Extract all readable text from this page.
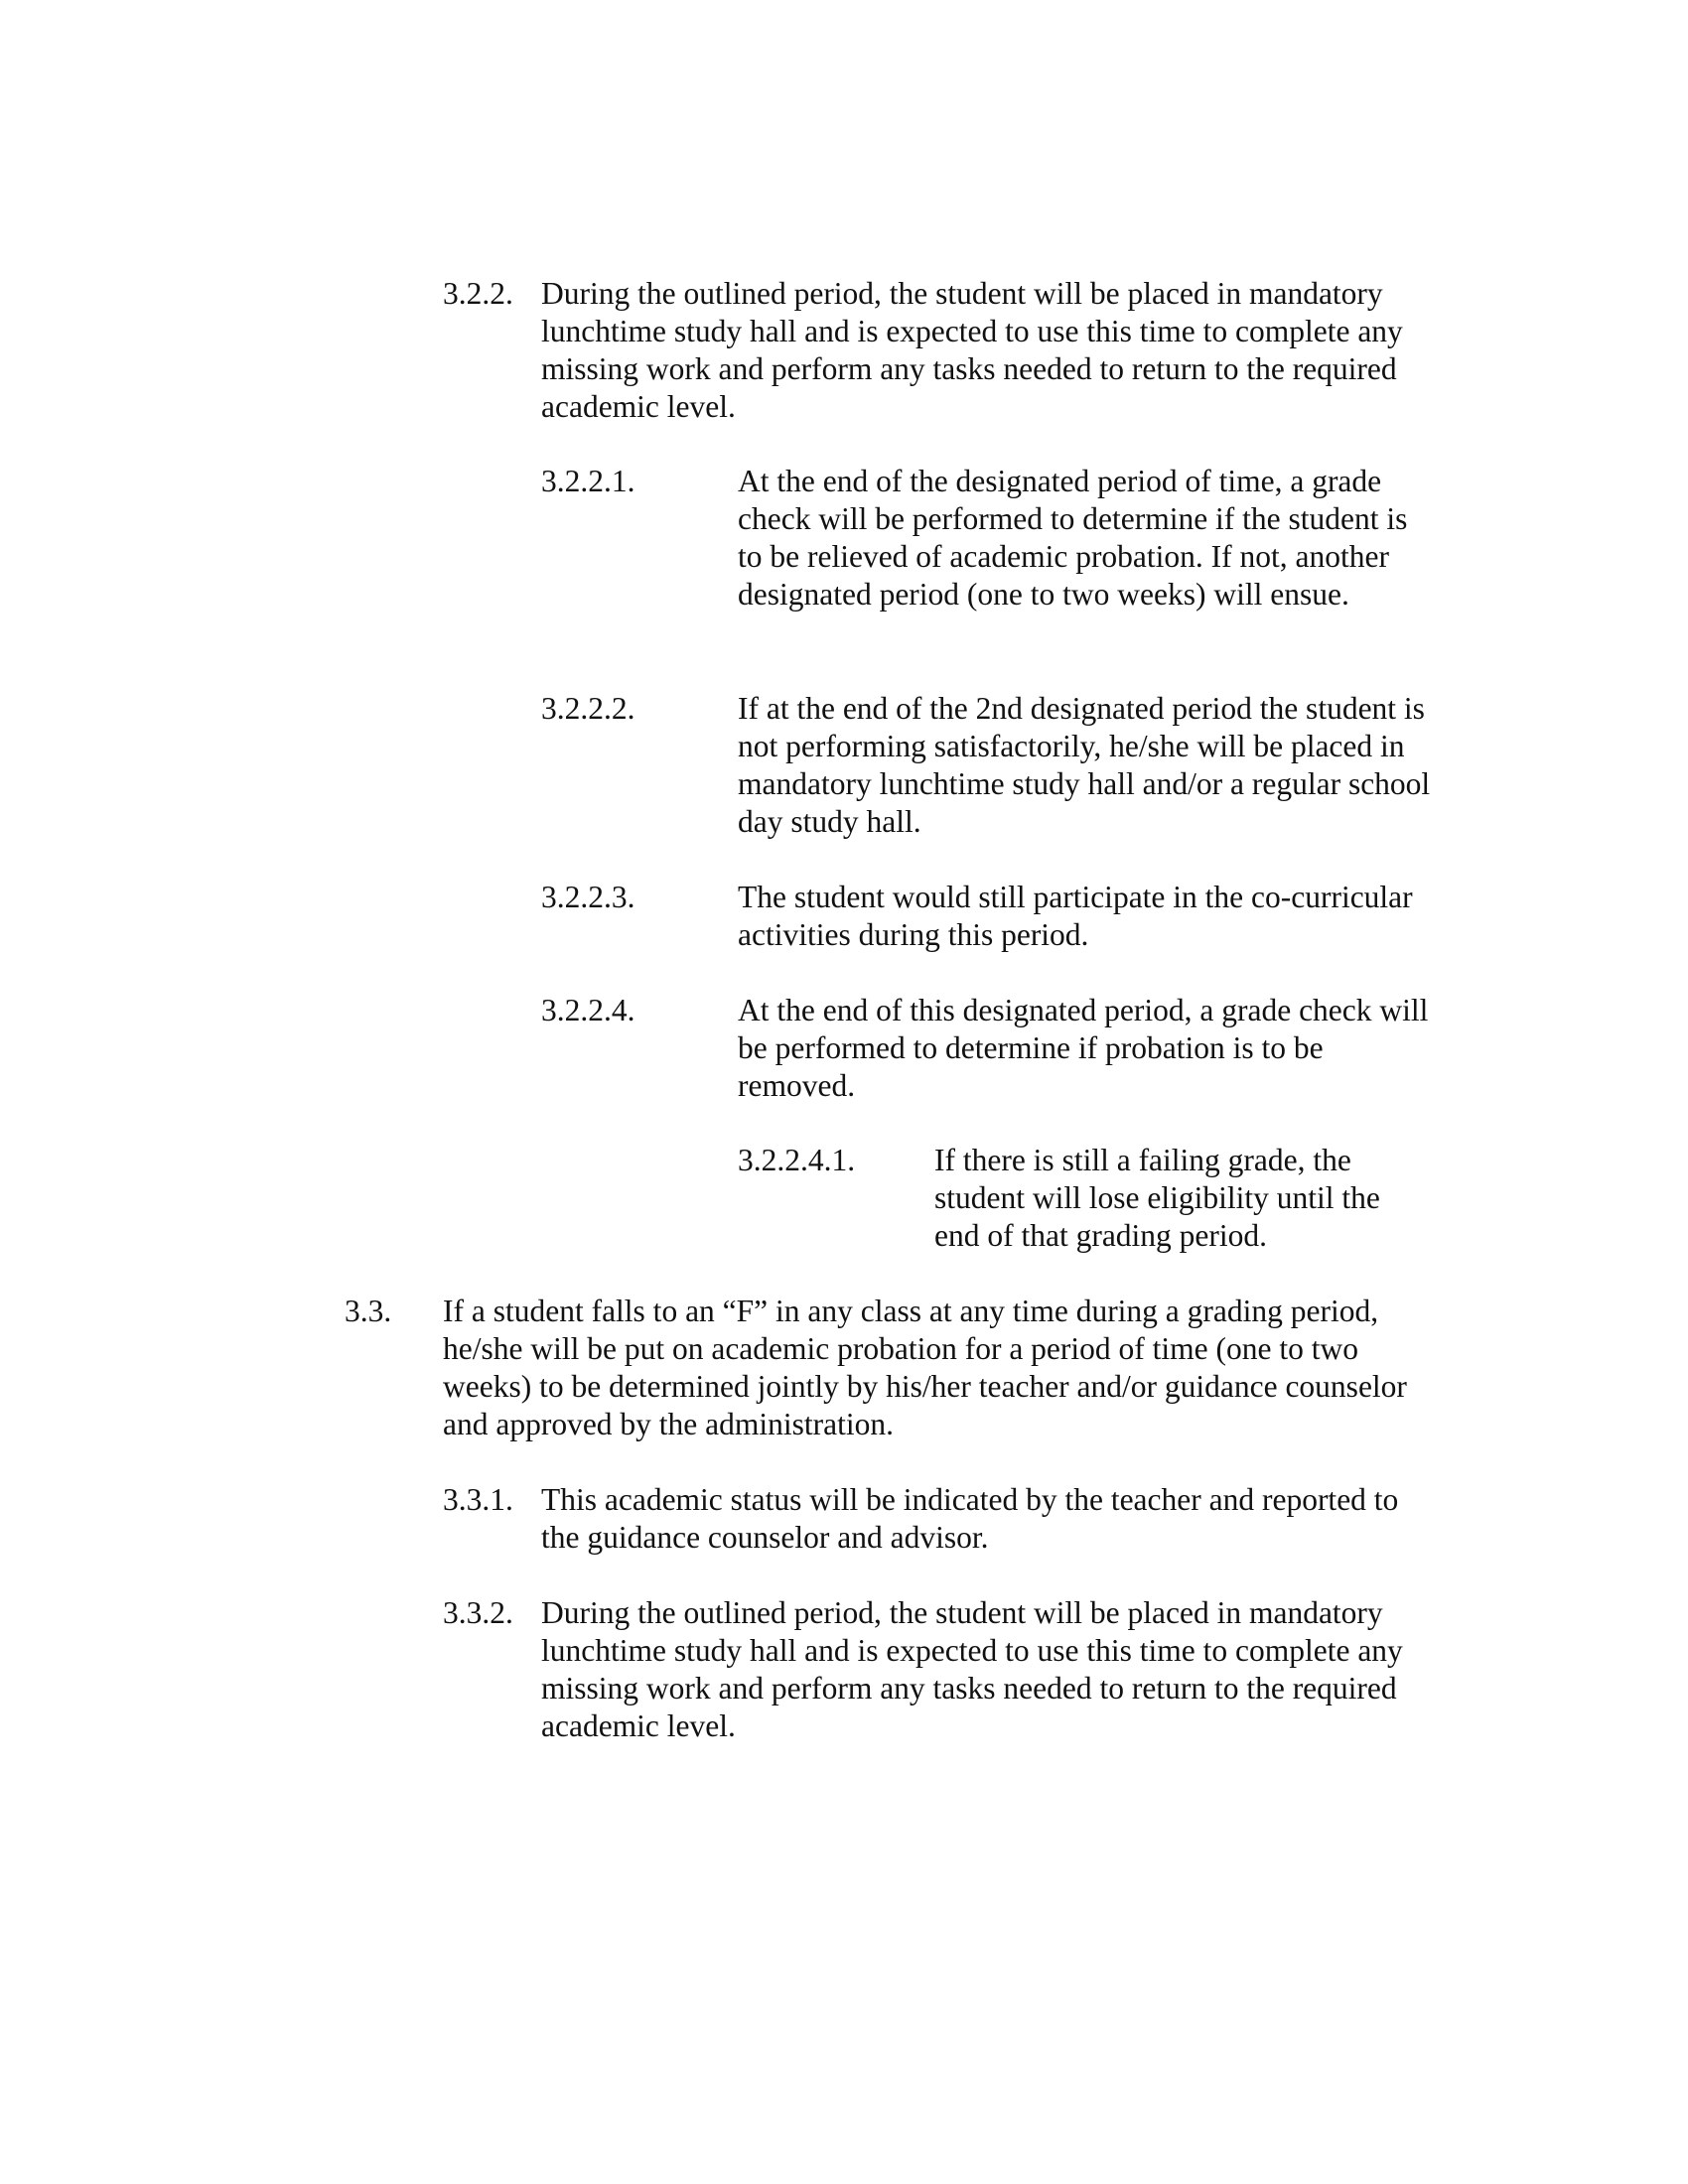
3.2.2. During the outlined period, the student will be placed in mandatory lunchtime study hall and is expected to use this time to complete any missing work and perform any tasks needed to return to the required academic level.
3.2.2.1.	At the end of the designated period of time, a grade check will be performed to determine if the student is to be relieved of academic probation. If not, another designated period (one to two weeks) will ensue.
3.2.2.2.	If at the end of the 2nd designated period the student is not performing satisfactorily, he/she will be placed in mandatory lunchtime study hall and/or a regular school day study hall.
3.2.2.3.	The student would still participate in the co-curricular activities during this period.
3.2.2.4.	At the end of this designated period, a grade check will be performed to determine if probation is to be removed.
3.2.2.4.1.	If there is still a failing grade, the student will lose eligibility until the end of that grading period.
3.3. If a student falls to an “F” in any class at any time during a grading period, he/she will be put on academic probation for a period of time (one to two weeks) to be determined jointly by his/her teacher and/or guidance counselor and approved by the administration.
3.3.1. This academic status will be indicated by the teacher and reported to the guidance counselor and advisor.
3.3.2. During the outlined period, the student will be placed in mandatory lunchtime study hall and is expected to use this time to complete any missing work and perform any tasks needed to return to the required academic level.
